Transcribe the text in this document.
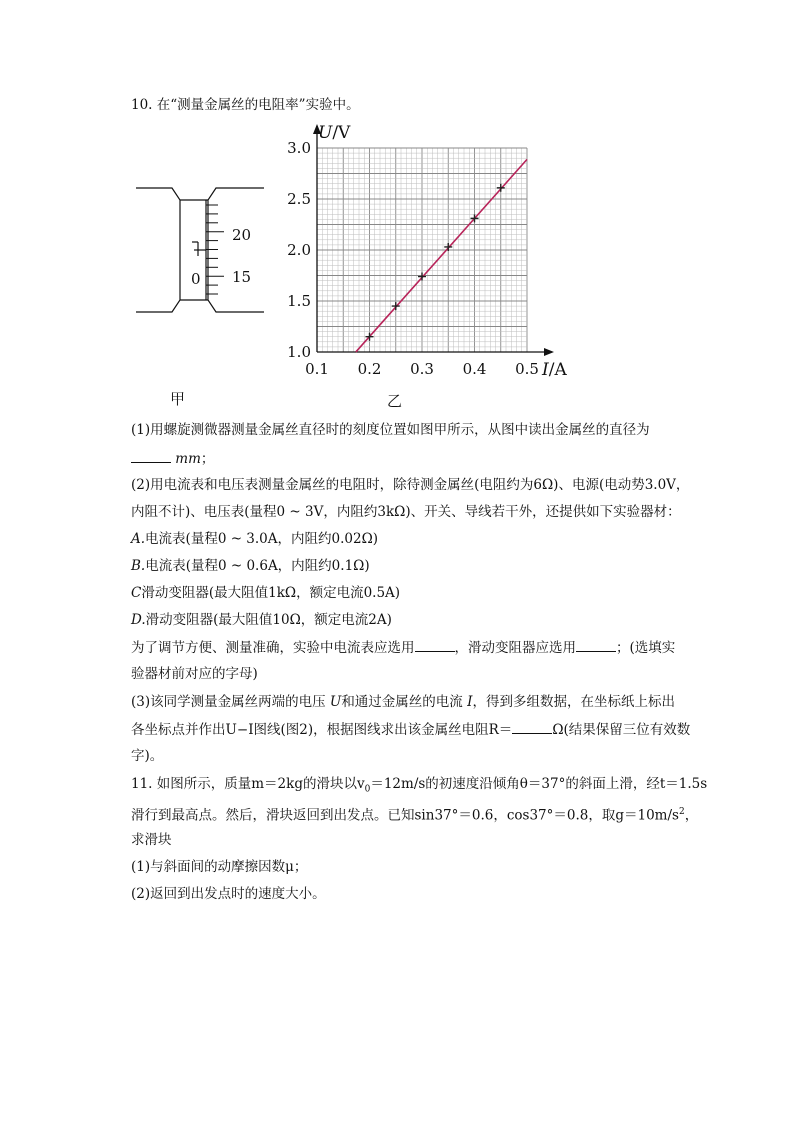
10. 在“测量金属丝的电阻率”实验中。
20
15
0
甲
0.1 0.2 0.3 0.4 0.5
1.0
1.5
2.0
2.5
3.0
U/V
I/A
乙
(1)用螺旋测微器测量金属丝直径时的刻度位置如图甲所示，从图中读出金属丝的直径为
mm；
(2)用电流表和电压表测量金属丝的电阻时，除待测金属丝(电阻约为6Ω)、电源(电动势3.0V，
内阻不计)、电压表(量程0 ~ 3V，内阻约3kΩ)、开关、导线若干外，还提供如下实验器材：
A.电流表(量程0 ~ 3.0A，内阻约0.02Ω)
B.电流表(量程0 ~ 0.6A，内阻约0.1Ω)
C滑动变阻器(最大阻值1kΩ，额定电流0.5A)
D.滑动变阻器(最大阻值10Ω，额定电流2A)
为了调节方便、测量准确，实验中电流表应选用	，滑动变阻器应选用	；(选填实
验器材前对应的字母)
(3)该同学测量金属丝两端的电压 U和通过金属丝的电流 I，得到多组数据，在坐标纸上标出
各坐标点并作出U−I图线(图2)，根据图线求出该金属丝电阻R＝	Ω(结果保留三位有效数
字)。
11. 如图所示，质量m＝2kg的滑块以$v_0=12m/s$的初速度沿倾角θ＝37°的斜面上滑，经t＝1.5s
滑行到最高点。然后，滑块返回到出发点。已知sin37°＝0.6，cos37°＝0.8，取$g=10m/s^2$，
求滑块
(1)与斜面间的动摩擦因数μ；
(2)返回到出发点时的速度大小。
